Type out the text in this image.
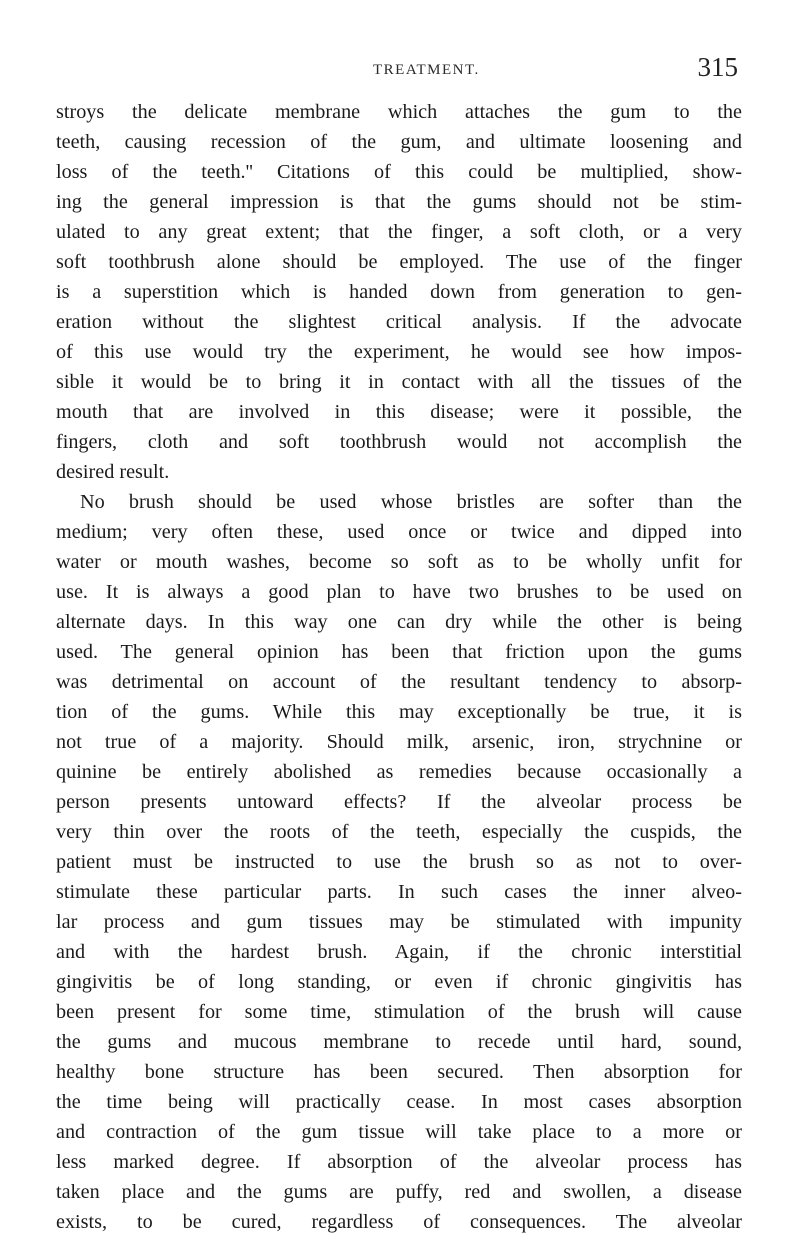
TREATMENT.	315
stroys the delicate membrane which attaches the gum to the
teeth, causing recession of the gum, and ultimate loosening and
loss of the teeth.'' Citations of this could be multiplied, show-
ing the general impression is that the gums should not be stim-
ulated to any great extent; that the finger, a soft cloth, or a very
soft toothbrush alone should be employed. The use of the finger
is a superstition which is handed down from generation to gen-
eration without the slightest critical analysis. If the advocate
of this use would try the experiment, he would see how impos-
sible it would be to bring it in contact with all the tissues of the
mouth that are involved in this disease; were it possible, the
fingers, cloth and soft toothbrush would not accomplish the
desired result.
No brush should be used whose bristles are softer than the
medium; very often these, used once or twice and dipped into
water or mouth washes, become so soft as to be wholly unfit for
use. It is always a good plan to have two brushes to be used on
alternate days. In this way one can dry while the other is being
used. The general opinion has been that friction upon the gums
was detrimental on account of the resultant tendency to absorp-
tion of the gums. While this may exceptionally be true, it is
not true of a majority. Should milk, arsenic, iron, strychnine or
quinine be entirely abolished as remedies because occasionally a
person presents untoward effects? If the alveolar process be
very thin over the roots of the teeth, especially the cuspids, the
patient must be instructed to use the brush so as not to over-
stimulate these particular parts. In such cases the inner alveo-
lar process and gum tissues may be stimulated with impunity
and with the hardest brush. Again, if the chronic interstitial
gingivitis be of long standing, or even if chronic gingivitis has
been present for some time, stimulation of the brush will cause
the gums and mucous membrane to recede until hard, sound,
healthy bone structure has been secured. Then absorption for
the time being will practically cease. In most cases absorption
and contraction of the gum tissue will take place to a more or
less marked degree. If absorption of the alveolar process has
taken place and the gums are puffy, red and swollen, a disease
exists, to be cured, regardless of consequences. The alveolar
